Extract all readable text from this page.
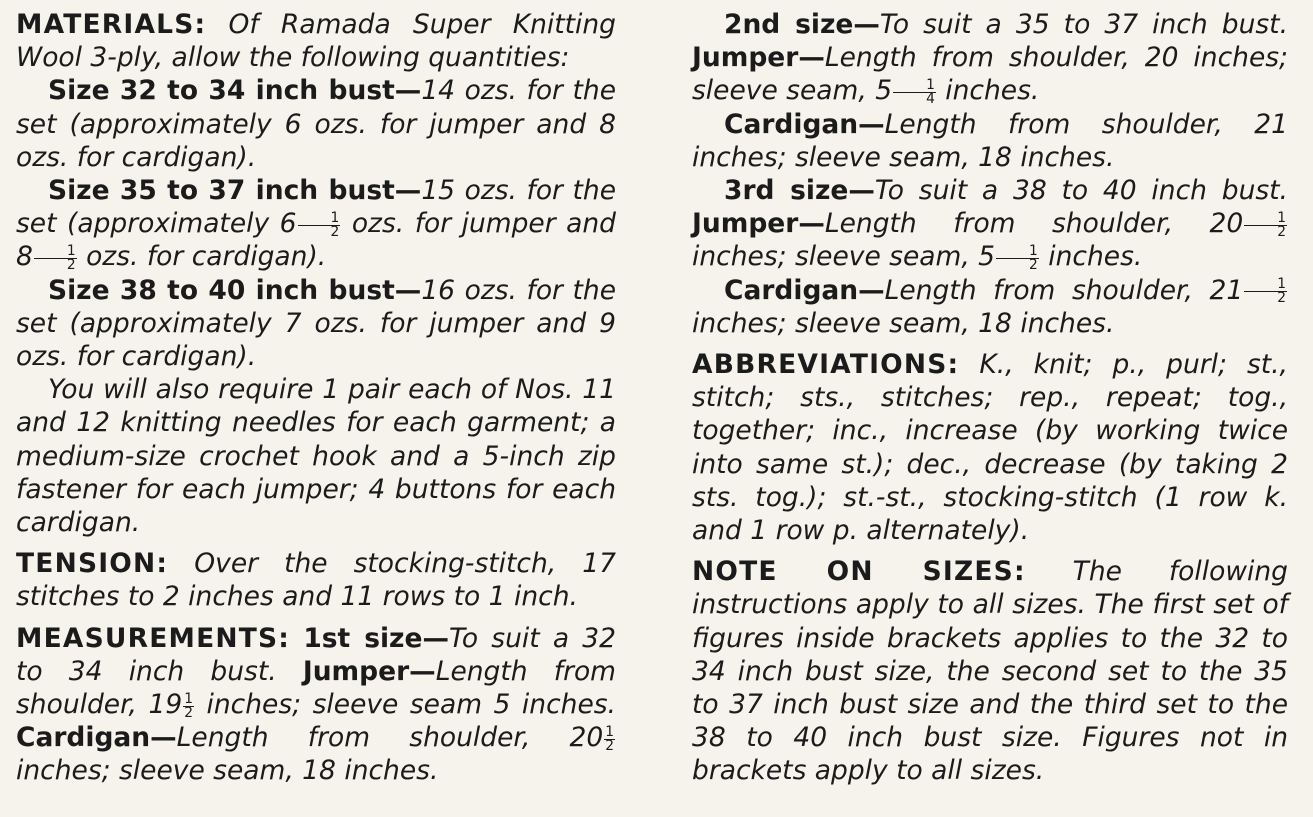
MATERIALS: Of Ramada Super Knitting Wool 3-ply, allow the following quantities:

Size 32 to 34 inch bust—14 ozs. for the set (approximately 6 ozs. for jumper and 8 ozs. for cardigan).

Size 35 to 37 inch bust—15 ozs. for the set (approximately $6 \frac{1}{2}$ ozs. for jumper and $8 \frac{1}{2}$ ozs. for cardigan).

Size 38 to 40 inch bust—16 ozs. for the set (approximately 7 ozs. for jumper and 9 ozs. for cardigan).

You will also require 1 pair each of Nos. 11 and 12 knitting needles for each garment; a medium-size crochet hook and a 5-inch zip fastener for each jumper; 4 buttons for each cardigan.

TENSION: Over the stocking-stitch, 17 stitches to 2 inches and 11 rows to 1 inch.

MEASUREMENTS: 1st size—To suit a 32 to 34 inch bust. Jumper—Length from shoulder, $19 \frac{1}{2}$ inches; sleeve seam 5 inches. Cardigan—Length from shoulder, $20 \frac{1}{2}$
inches; sleeve seam, 18 inches.

2nd size—To suit a 35 to 37 inch bust. Jumper—Length from shoulder, 20 inches; sleeve seam, $5 \frac{1}{4}$ inches.

Cardigan—Length from shoulder, 21 inches; sleeve seam, 18 inches.

3rd size—To suit a 38 to 40 inch bust. Jumper—Length from shoulder, $20 \frac{1}{2}$
inches; sleeve seam, $5 \frac{1}{2}$ inches.

Cardigan—Length from shoulder, $21 \frac{1}{2}$
inches; sleeve seam, 18 inches.

ABBREVIATIONS: K., knit; p., purl; st., stitch; sts., stitches; rep., repeat; tog., together; inc., increase (by working twice into same st.); dec., decrease (by taking 2 sts. tog.); st.-st., stocking-stitch (1 row k. and 1 row p. alternately).

NOTE ON SIZES: The following instructions apply to all sizes. The first set of figures inside brackets applies to the 32 to 34 inch bust size, the second set to the 35 to 37 inch bust size and the third set to the 38 to 40 inch bust size. Figures not in brackets apply to all sizes.
